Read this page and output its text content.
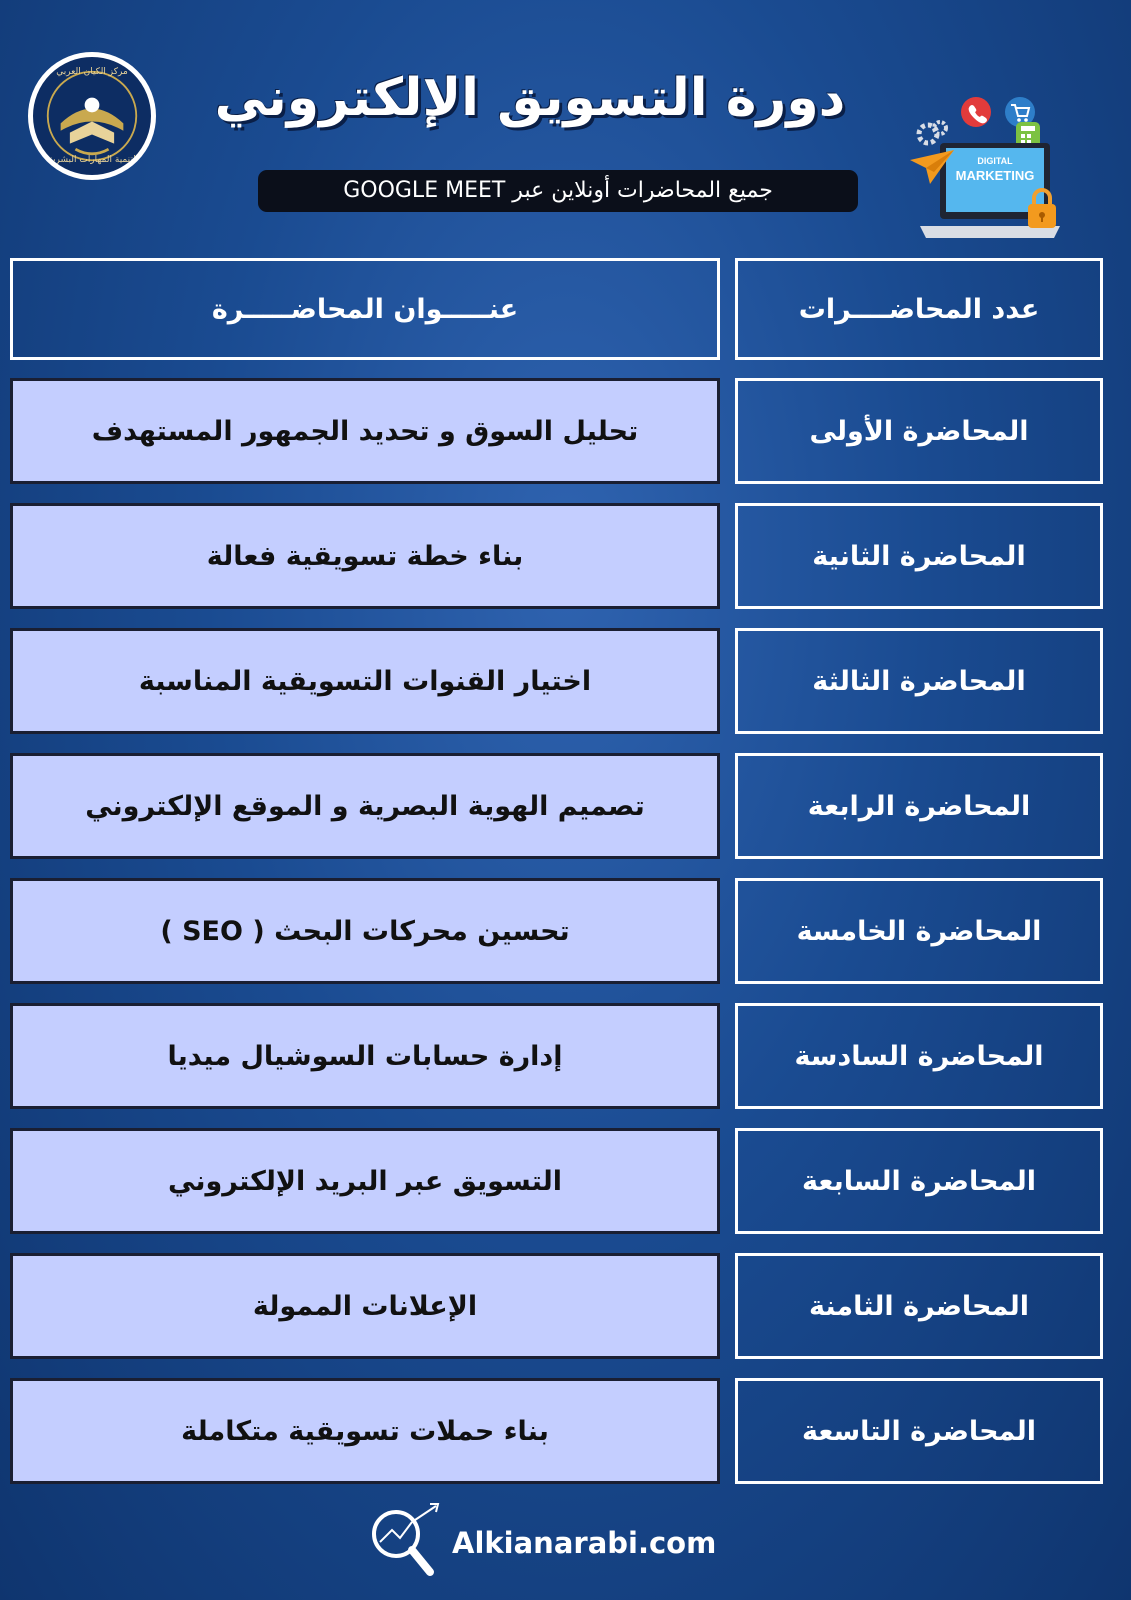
مركز الكيان العربي
لتنمية المهارات البشرية
دورة التسويق الإلكتروني
جميع المحاضرات أونلاين عبر GOOGLE MEET
DIGITAL
MARKETING
عنـــــوان المحاضـــــرة	عدد المحاضــــرات
المحاضرة الأولى
تحليل السوق و تحديد الجمهور المستهدف
المحاضرة الثانية
بناء خطة تسويقية فعالة
المحاضرة الثالثة
اختيار القنوات التسويقية المناسبة
المحاضرة الرابعة
تصميم الهوية البصرية و الموقع الإلكتروني
المحاضرة الخامسة
تحسين محركات البحث ( SEO )
المحاضرة السادسة
إدارة حسابات السوشيال ميديا
المحاضرة السابعة
التسويق عبر البريد الإلكتروني
المحاضرة الثامنة
الإعلانات الممولة
المحاضرة التاسعة
بناء حملات تسويقية متكاملة
Alkianarabi.com
